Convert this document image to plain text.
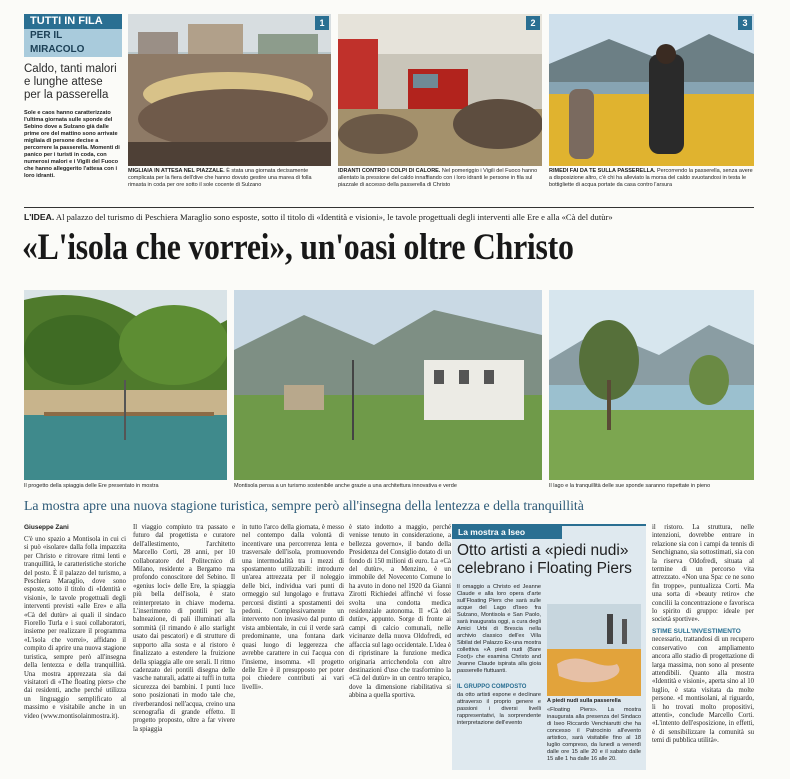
TUTTI IN FILA
PER IL MIRACOLO
Caldo, tanti malori e lunghe attese per la passerella
Sole e caos hanno caratterizzato l'ultima giornata sulle sponde del Sebino dove a Sulzano già dalle prime ore del mattino sono arrivate migliaia di persone decise a percorrere la passerella. Momenti di panico per i turisti in coda, con numerosi malori e i Vigili del Fuoco che hanno alleggerito l'attesa con i loro idranti.
1	2	3
MIGLIAIA IN ATTESA NEL PIAZZALE. È stata una giornata decisamente complicata per la fiera dell'dive che hanno dovuto gestire una marea di folla rimasta in coda per ore sotto il sole cocente di Sulzano
IDRANTI CONTRO I COLPI DI CALORE. Nel pomeriggio i Vigili del Fuoco hanno allentato la pressione del caldo innaffiando con i loro idranti le persone in fila sul piazzale di accesso della passerella di Christo
RIMEDI FAI DA TE SULLA PASSERELLA. Percorrendo la passerella, senza avere a disposizione altro, c'è chi ha alleviato la morsa del caldo svuotandosi in testa le bottigliette di acqua portate da casa contro l'arsura
L'IDEA. Al palazzo del turismo di Peschiera Maraglio sono esposte, sotto il titolo di «Identità e visioni», le tavole progettuali degli interventi alle Ere e alla «Cà del dutùr»
«L'isola che vorrei», un'oasi oltre Christo
Il progetto della spiaggia delle Ere presentato in mostra	Montisola pensa a un turismo sostenibile anche grazie a una architettura innovativa e verde	Il lago e la tranquillità delle sue sponde saranno rispettate in pieno
La mostra apre una nuova stagione turistica, sempre però all'insegna della lentezza e della tranquillità
Giuseppe Zani

C'è uno spazio a Montisola in cui ci si può «isolare» dalla folla impazzita per Christo e ritrovare ritmi lenti e tranquillità, le caratteristiche storiche del posto. È il palazzo del turismo, a Peschiera Maraglio, dove sono esposte, sotto il titolo di «Identità e visioni», le tavole progettuali degli interventi previsti «alle Ere» e alla «Cà del dutùr» ai quali il sindaco Fiorello Turla e i suoi collaboratori, insieme per realizzare il programma «L'isola che vorrei», affidano il compito di aprire una nuova stagione turistica, sempre però all'insegna della lentezza e della tranquillità. Una mostra apprezzata sia dai visitatori di «The floating piers» che dai residenti, anche perché utilizza un linguaggio semplificato al massimo e visitabile anche in un video (www.montisolainmostra.it).

Il viaggio compiuto tra passato e futuro dal progettista e curatore dell'allestimento, l'architetto Marcello Corti, 28 anni, per 10 collaboratore del Politecnico di Milano, residente a Bergamo ma profondo conoscitore del Sebino. Il «genius loci» delle Ere, la spiaggia più bella dell'isola, è stato reinterpretato in chiave moderna. L'inserimento di pontili per la balneazione, di pali illuminati alla sommità (il rimando è allo starlight usato dai pescatori) e di strutture di supporto alla sosta e al ristoro è finalizzato a estendere la fruizione della spiaggia alle ore serali. Il ritmo cadenzato dei pontili disegna delle vasche naturali, adatte ai tuffi in tutta sicurezza dei bambini. I punti luce sono posizionati in modo tale che, riverberandosi nell'acqua, creino una scenografia di grande effetto. Il progetto proposto, oltre a far vivere la spiaggia

in tutto l'arco della giornata, è messo nel contempo dalla volontà di incentivare una percorrenza lenta e trasversale dell'isola, promuovendo una intermodalità tra i mezzi di spostamento utilizzabili: introdurre un'area attrezzata per il noleggio delle bici, individua vari punti di ormeggio sul lungolago e fruttava percorsi distinti a spostamenti dei pedoni. Complessivamente un intervento non invasivo dal punto di vista ambientale, in cui il verde sarà predominante, una fontana dark quasi luogo di leggerezza che avrebbe carattere in cui l'acqua con l'insieme, insomma. «Il progetto delle Ere è il presupposto per poter poi chiedere contributi ai vari livelli».

è stato indotto a maggio, perché venisse tenuto in considerazione, a bellezza governo», il bando della Presidenza del Consiglio dotato di un fondo di 150 milioni di euro. La «Cà del dutùr», a Menzino, è un immobile del Novecento Comune lo ha avuto in dono nel 1920 da Gianni Zirotti Richiedei affinché vi fosse svolta una condotta medica residenziale autonoma. Il «Cà del dutùr», appunto. Sorge di fronte ai campi di calcio comunali, nelle vicinanze della nuova Oldofredi, ed affaccia sul lago occidentale. L'idea è di ripristinare la funzione medica originaria arricchendola con altre destinazioni d'uso che trasformino la «Cà del dutùr» in un centro terapico, dove la dimensione riabilitativa si abbina a quella sportiva.

La mostra a Iseo
Otto artisti a «piedi nudi» celebrano i Floating Piers
Il omaggio a Christo ed Jeanne Claude e alla loro opera d'arte sull'Floating Piers che sarà sulle acque del Lago d'Iseo fra Sulzano, Montisola e San Paolo, sarà inaugurata oggi, a cura degli Amici Urbi di Brescia nella archivio classico dell'ex Villa Sibilat del Palazzo Ex-una mostra collettiva «A piedi nudi (Bare Foot)» che esamina Christo and Jeanne Claude ispirata alla gioia passerelle fluttuanti.
IL GRUPPO COMPOSTO
da otto artisti espone e declinare attraverso il proprio genere e passioni i diversi livelli rappresentativi, la sorprendente interpretazione dell'evento
A piedi nudi sulla passerella
«Floating Piers». La mostra inaugurata alla presenza del Sindaco di Iseo Riccardo Venchiarutti che ha concesso il Patrocinio all'evento artistico, sarà visitabile fino al 18 luglio compreso, da lunedì a venerdì dalle ore 15 alle 20 e il sabato dalle 15 alle 1 ha dalle 16 alle 20.

il ristoro. La struttura, nelle intenzioni, dovrebbe entrare in relazione sia con i campi da tennis di Senchignano, sia sottostimati, sia con la riserva Oldofredi, situata al termine di un percorso vita attrezzato. «Non una Spa: ce ne sono fin troppe», puntualizza Corti. Ma una sorta di «beauty retiro» che concilii la concentrazione e favorisca lo spirito di gruppo: ideale per società sportive».

STIME SULL'INVESTIMENTO

necessario, trattandosi di un recupero conservativo con ampliamento ancora allo stadio di progettazione di larga massima, non sono al presente attendibili. Quanto alla mostra «Identità e visioni», aperta sino al 10 luglio, è stata visitata da molte persone. «I montisolani, al riguardo, li ho trovati molto propositivi, attenti», conclude Marcello Corti. «L'intento dell'esposizione, in effetti, è di sensibilizzare la comunità su temi di pubblica utilità».
